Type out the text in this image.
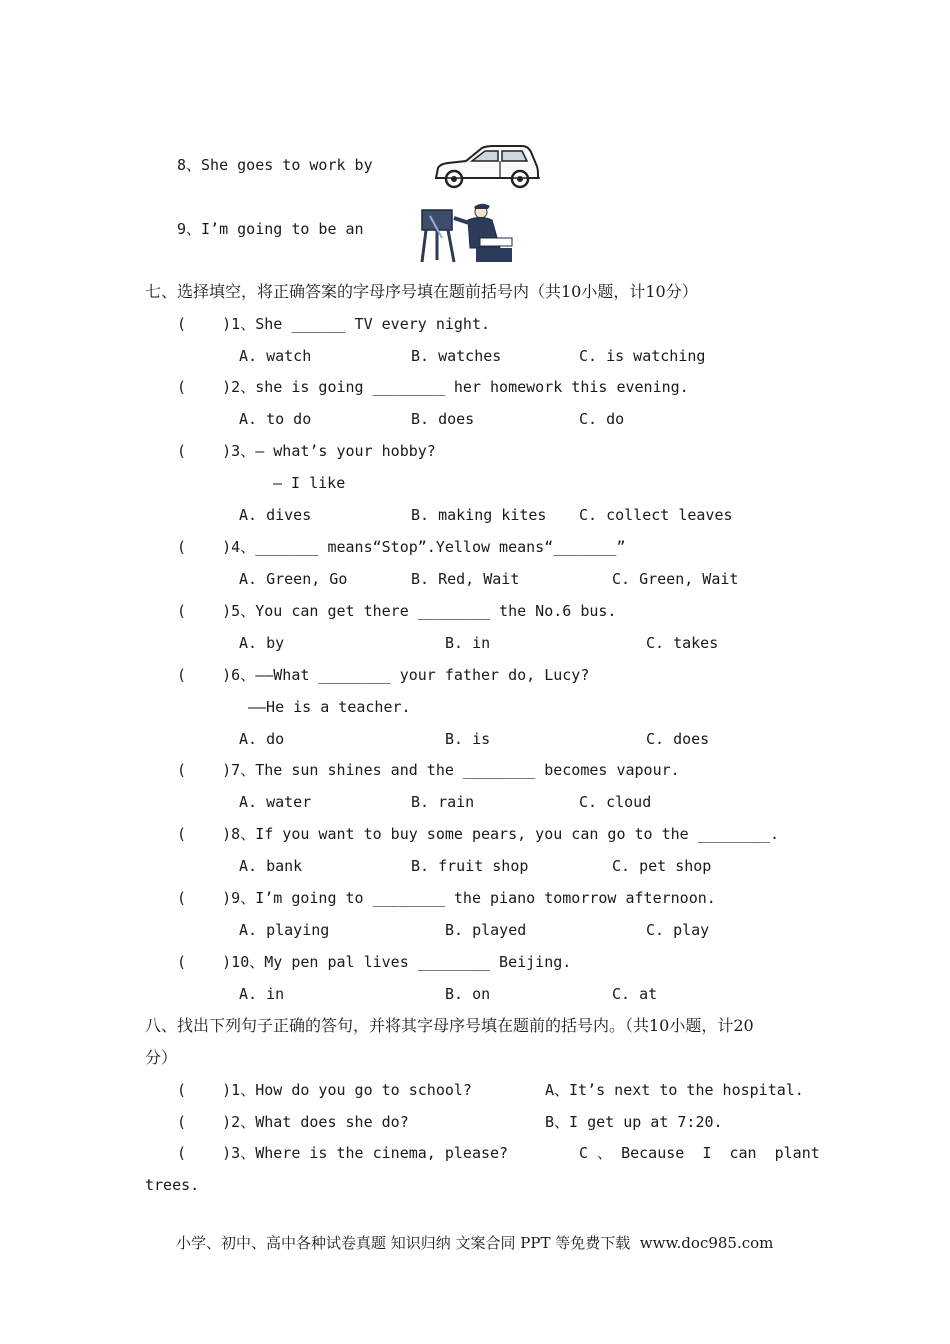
8、She goes to work by
9、I’m going to be an
七、选择填空，将正确答案的字母序号填在题前括号内（共10小题，计10分）
(    )1、She ______ TV every night.
A. watch	B. watches	C. is watching
(    )2、she is going ________ her homework this evening.
A. to do	B. does	C. do
(    )3、— what’s your hobby?
— I like
A. dives	B. making kites C. collect leaves
(    )4、_______ means“Stop”.Yellow means“_______”
A. Green, Go	B. Red, Wait	C. Green, Wait
(    )5、You can get there ________ the No.6 bus.
A. by	B. in	C. takes
(    )6、——What ________ your father do, Lucy?
——He is a teacher.
A. do	B. is	C. does
(    )7、The sun shines and the ________ becomes vapour.
A. water	B. rain	C. cloud
(    )8、If you want to buy some pears, you can go to the ________.
A. bank	B. fruit shop	C. pet shop
(    )9、I’m going to ________ the piano tomorrow afternoon.
A. playing	B. played	C. play
(    )10、My pen pal lives ________ Beijing.
A. in	B. on	C. at
八、找出下列句子正确的答句，并将其字母序号填在题前的括号内。（共10小题，计20
分）
(    )1、How do you go to school?	A、It’s next to the hospital.
(    )2、What does she do?	B、I get up at 7:20.
(    )3、Where is the cinema, please?	C 、 Because  I  can  plant
trees.
小学、初中、高中各种试卷真题 知识归纳 文案合同 PPT 等免费下载  www.doc985.com
